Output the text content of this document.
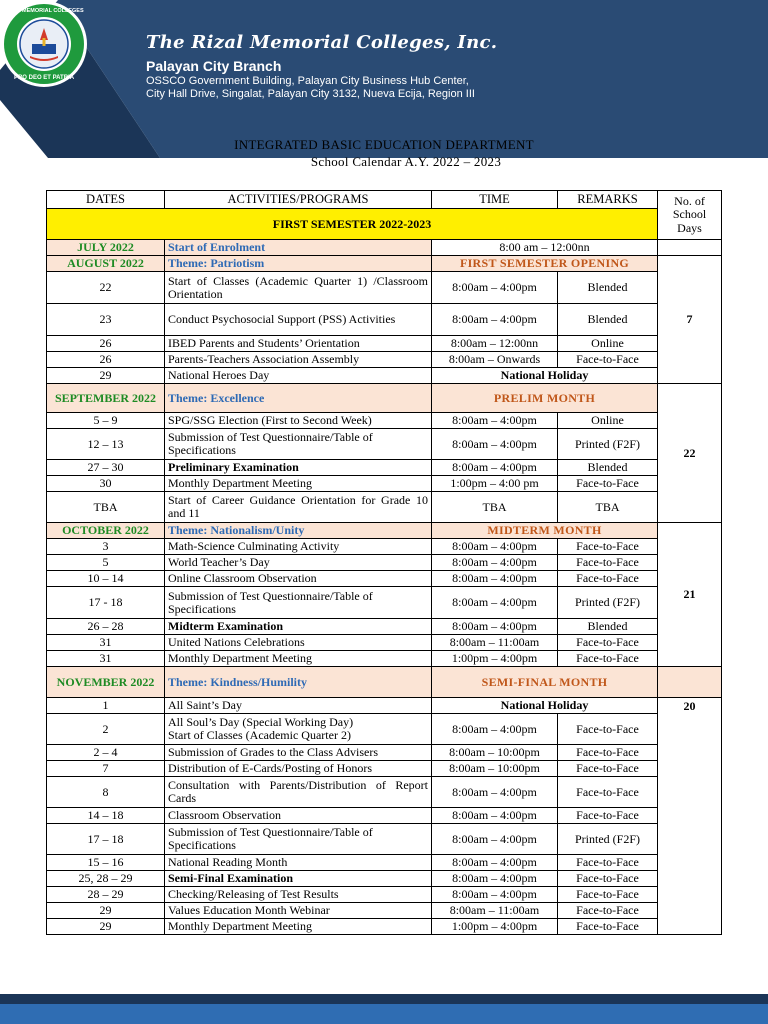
PRO DEO ET PATRIA
RIZAL MEMORIAL COLLEGES
The Rizal Memorial Colleges, Inc.
Palayan City Branch
OSSCO Government Building, Palayan City Business Hub Center,
City Hall Drive, Singalat, Palayan City 3132, Nueva Ecija, Region III
INTEGRATED BASIC EDUCATION DEPARTMENT
School Calendar A.Y. 2022 – 2023
DATES	ACTIVITIES/PROGRAMS	TIME	REMARKS	No. of School Days
FIRST SEMESTER 2022-2023				
JULY 2022	Start of Enrolment	8:00 am – 12:00nn		
AUGUST 2022	Theme: Patriotism	FIRST SEMESTER OPENING		7
22	Start of Classes (Academic Quarter 1) /Classroom Orientation	8:00am – 4:00pm	Blended	
23	Conduct Psychosocial Support (PSS) Activities	8:00am – 4:00pm	Blended	
26	IBED Parents and Students’ Orientation	8:00am – 12:00nn	Online	
26	Parents-Teachers Association Assembly	8:00am – Onwards	Face-to-Face	
29	National Heroes Day	National Holiday		
SEPTEMBER 2022	Theme: Excellence	PRELIM MONTH		22
5 – 9	SPG/SSG Election (First to Second Week)	8:00am – 4:00pm	Online	
12 – 13	Submission of Test Questionnaire/Table of Specifications	8:00am – 4:00pm	Printed (F2F)	
27 – 30	Preliminary Examination	8:00am – 4:00pm	Blended	
30	Monthly Department Meeting	1:00pm – 4:00 pm	Face-to-Face	
TBA	Start of Career Guidance Orientation for Grade 10 and 11	TBA	TBA	
OCTOBER 2022	Theme: Nationalism/Unity	MIDTERM MONTH		21
3	Math-Science Culminating Activity	8:00am – 4:00pm	Face-to-Face	
5	World Teacher’s Day	8:00am – 4:00pm	Face-to-Face	
10 – 14	Online Classroom Observation	8:00am – 4:00pm	Face-to-Face	
17 - 18	Submission of Test Questionnaire/Table of Specifications	8:00am – 4:00pm	Printed (F2F)	
26 – 28	Midterm Examination	8:00am – 4:00pm	Blended	
31	United Nations Celebrations	8:00am – 11:00am	Face-to-Face	
31	Monthly Department Meeting	1:00pm – 4:00pm	Face-to-Face	
NOVEMBER 2022	Theme: Kindness/Humility	SEMI-FINAL MONTH		
1	All Saint’s Day	National Holiday		20
2	All Soul’s Day (Special Working Day)
Start of Classes (Academic Quarter 2)	8:00am – 4:00pm	Face-to-Face	
2 – 4	Submission of Grades to the Class Advisers	8:00am – 10:00pm	Face-to-Face	
7	Distribution of E-Cards/Posting of Honors	8:00am – 10:00pm	Face-to-Face	
8	Consultation with Parents/Distribution of Report Cards	8:00am – 4:00pm	Face-to-Face	
14 – 18	Classroom Observation	8:00am – 4:00pm	Face-to-Face	
17 – 18	Submission of Test Questionnaire/Table of Specifications	8:00am – 4:00pm	Printed (F2F)	
15 – 16	National Reading Month	8:00am – 4:00pm	Face-to-Face	
25, 28 – 29	Semi-Final Examination	8:00am – 4:00pm	Face-to-Face	
28 – 29	Checking/Releasing of Test Results	8:00am – 4:00pm	Face-to-Face	
29	Values Education Month Webinar	8:00am – 11:00am	Face-to-Face	
29	Monthly Department Meeting	1:00pm – 4:00pm	Face-to-Face	
